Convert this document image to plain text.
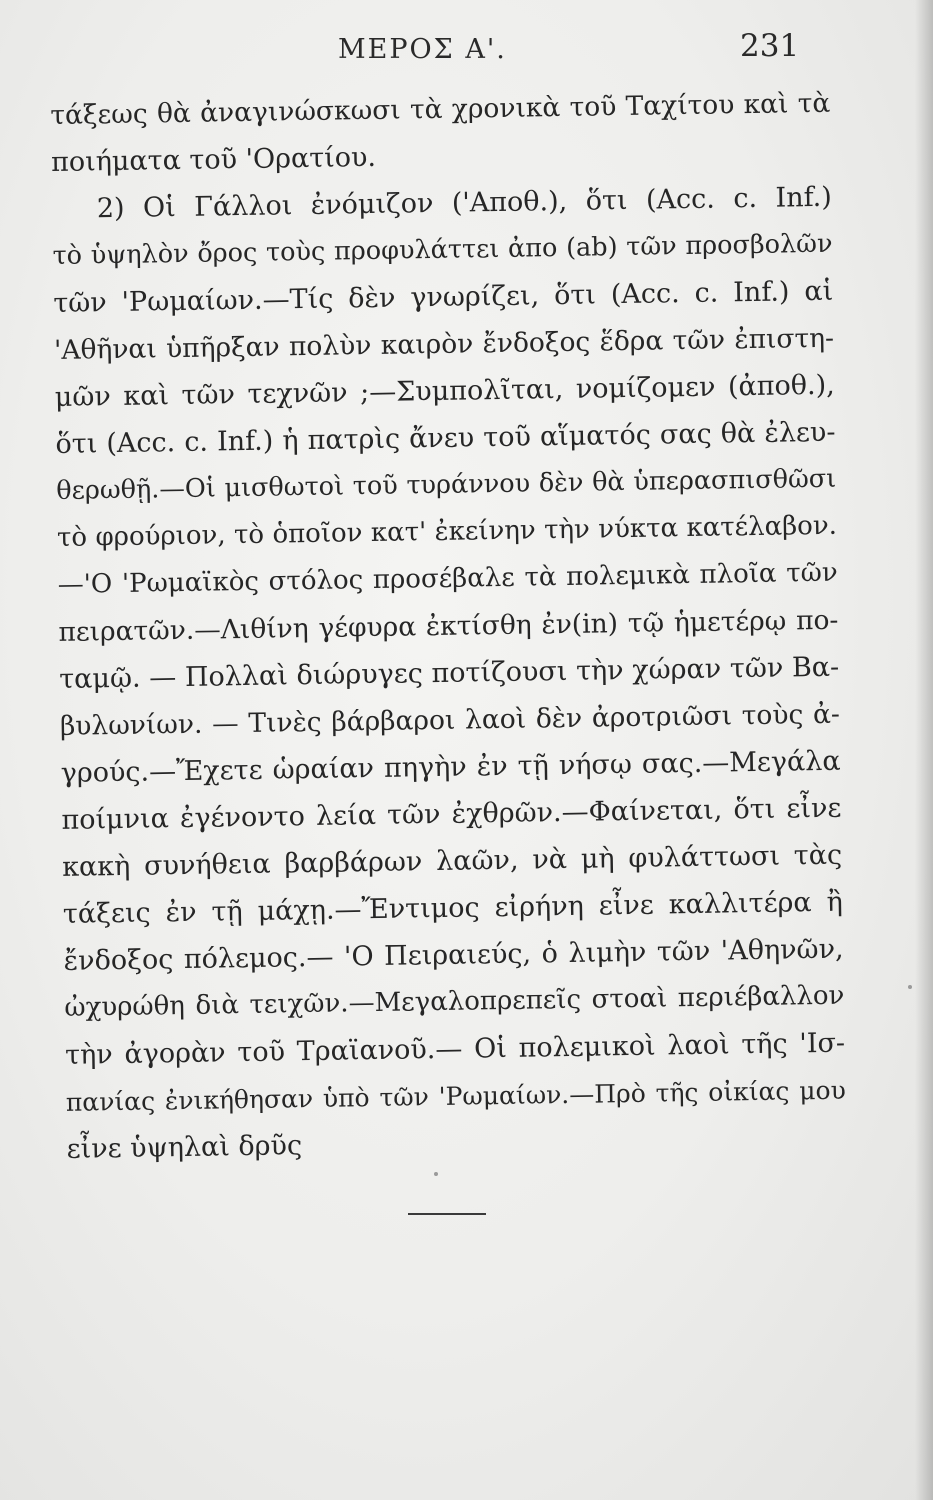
ΜΕΡΟΣ Α'.	231
τάξεως θὰ ἀναγινώσκωσι τὰ χρονικὰ τοῦ Ταχίτου καὶ τὰ
ποιήματα τοῦ 'Ορατίου.
2) Οἱ Γάλλοι ἐνόμιζον ('Αποθ.), ὅτι (Acc. c. Inf.)
τὸ ὑψηλὸν ὄρος τοὺς προφυλάττει ἀπο (ab) τῶν προσβολῶν
τῶν 'Ρωμαίων.—Τίς δὲν γνωρίζει, ὅτι (Acc. c. Inf.) αἱ
'Αθῆναι ὑπῆρξαν πολὺν καιρὸν ἔνδοξος ἕδρα τῶν ἐπιστη-
μῶν καὶ τῶν τεχνῶν ;—Συμπολῖται, νομίζομεν (ἀποθ.),
ὅτι (Acc. c. Inf.) ἡ πατρὶς ἄνευ τοῦ αἵματός σας θὰ ἐλευ-
θερωθῇ.—Οἱ μισθωτοὶ τοῦ τυράννου δὲν θὰ ὑπερασπισθῶσι
τὸ φρούριον, τὸ ὁποῖον κατ' ἐκείνην τὴν νύκτα κατέλαβον.
—'Ο 'Ρωμαϊκὸς στόλος προσέβαλε τὰ πολεμικὰ πλοῖα τῶν
πειρατῶν.—Λιθίνη γέφυρα ἐκτίσθη ἐν(in) τῷ ἡμετέρῳ πο-
ταμῷ. — Πολλαὶ διώρυγες ποτίζουσι τὴν χώραν τῶν Βα-
βυλωνίων. — Τινὲς βάρβαροι λαοὶ δὲν ἀροτριῶσι τοὺς ἀ-
γρούς.—Ἔχετε ὡραίαν πηγὴν ἐν τῇ νήσῳ σας.—Μεγάλα
ποίμνια ἐγένοντο λεία τῶν ἐχθρῶν.—Φαίνεται, ὅτι εἶνε
κακὴ συνήθεια βαρβάρων λαῶν, νὰ μὴ φυλάττωσι τὰς
τάξεις ἐν τῇ μάχῃ.—Ἔντιμος εἰρήνη εἶνε καλλιτέρα ἢ
ἔνδοξος πόλεμος.— 'Ο Πειραιεύς, ὁ λιμὴν τῶν 'Αθηνῶν,
ὠχυρώθη διὰ τειχῶν.—Μεγαλοπρεπεῖς στοαὶ περιέβαλλον
τὴν ἀγορὰν τοῦ Τραϊανοῦ.— Οἱ πολεμικοὶ λαοὶ τῆς 'Ισ-
πανίας ἐνικήθησαν ὑπὸ τῶν 'Ρωμαίων.—Πρὸ τῆς οἰκίας μου
εἶνε ὑψηλαὶ δρῦς
